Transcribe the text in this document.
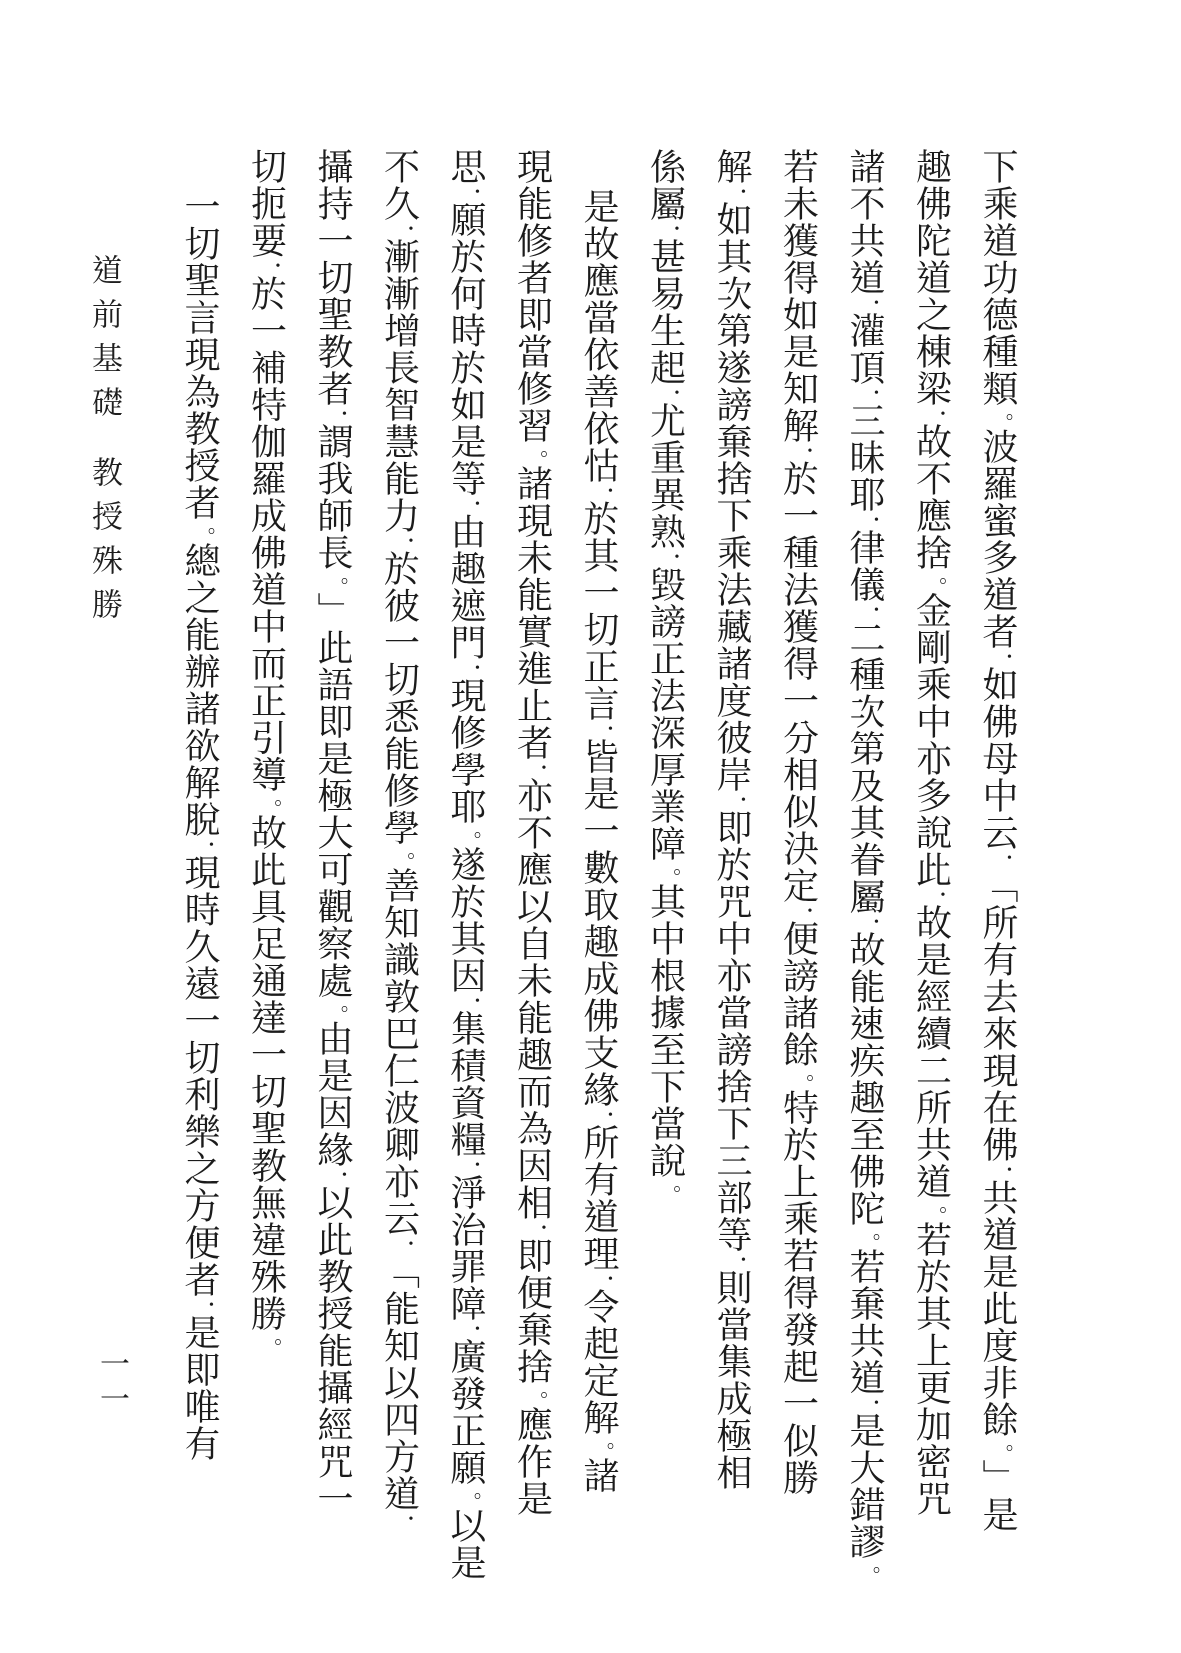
道前基礎教授殊勝
下乘道功德種類。波羅蜜多道者•如佛母中云•「所有去來現在佛•共道是此度非餘。」是
趣佛陀道之棟梁•故不應捨。金剛乘中亦多說此•故是經續二所共道。若於其上更加密咒
諸不共道•灌頂•三昧耶•律儀•二種次第及其眷屬•故能速疾趣至佛陀。若棄共道•是大錯謬。
若未獲得如是知解•於一種法獲得一分相似決定•便謗諸餘。特於上乘若得發起一似勝
解•如其次第遂謗棄捨下乘法藏諸度彼岸•即於咒中亦當謗捨下三部等•則當集成極相
係屬•甚易生起•尤重異熟•毀謗正法深厚業障。其中根據至下當說。
是故應當依善依怙•於其一切正言•皆是一數取趣成佛支緣•所有道理•令起定解。諸
現能修者即當修習。諸現未能實進止者•亦不應以自未能趣而為因相•即便棄捨。應作是
思•願於何時於如是等•由趣遮門•現修學耶。遂於其因•集積資糧•淨治罪障•廣發正願。以是
不久•漸漸增長智慧能力•於彼一切悉能修學。善知識敦巴仁波卿亦云•「能知以四方道•
攝持一切聖教者•謂我師長。」此語即是極大可觀察處。由是因緣•以此教授能攝經咒一
切扼要•於一補特伽羅成佛道中而正引導。故此具足通達一切聖教無違殊勝。
一切聖言現為教授者。總之能辦諸欲解脫•現時久遠一切利樂之方便者•是即唯有
一一
